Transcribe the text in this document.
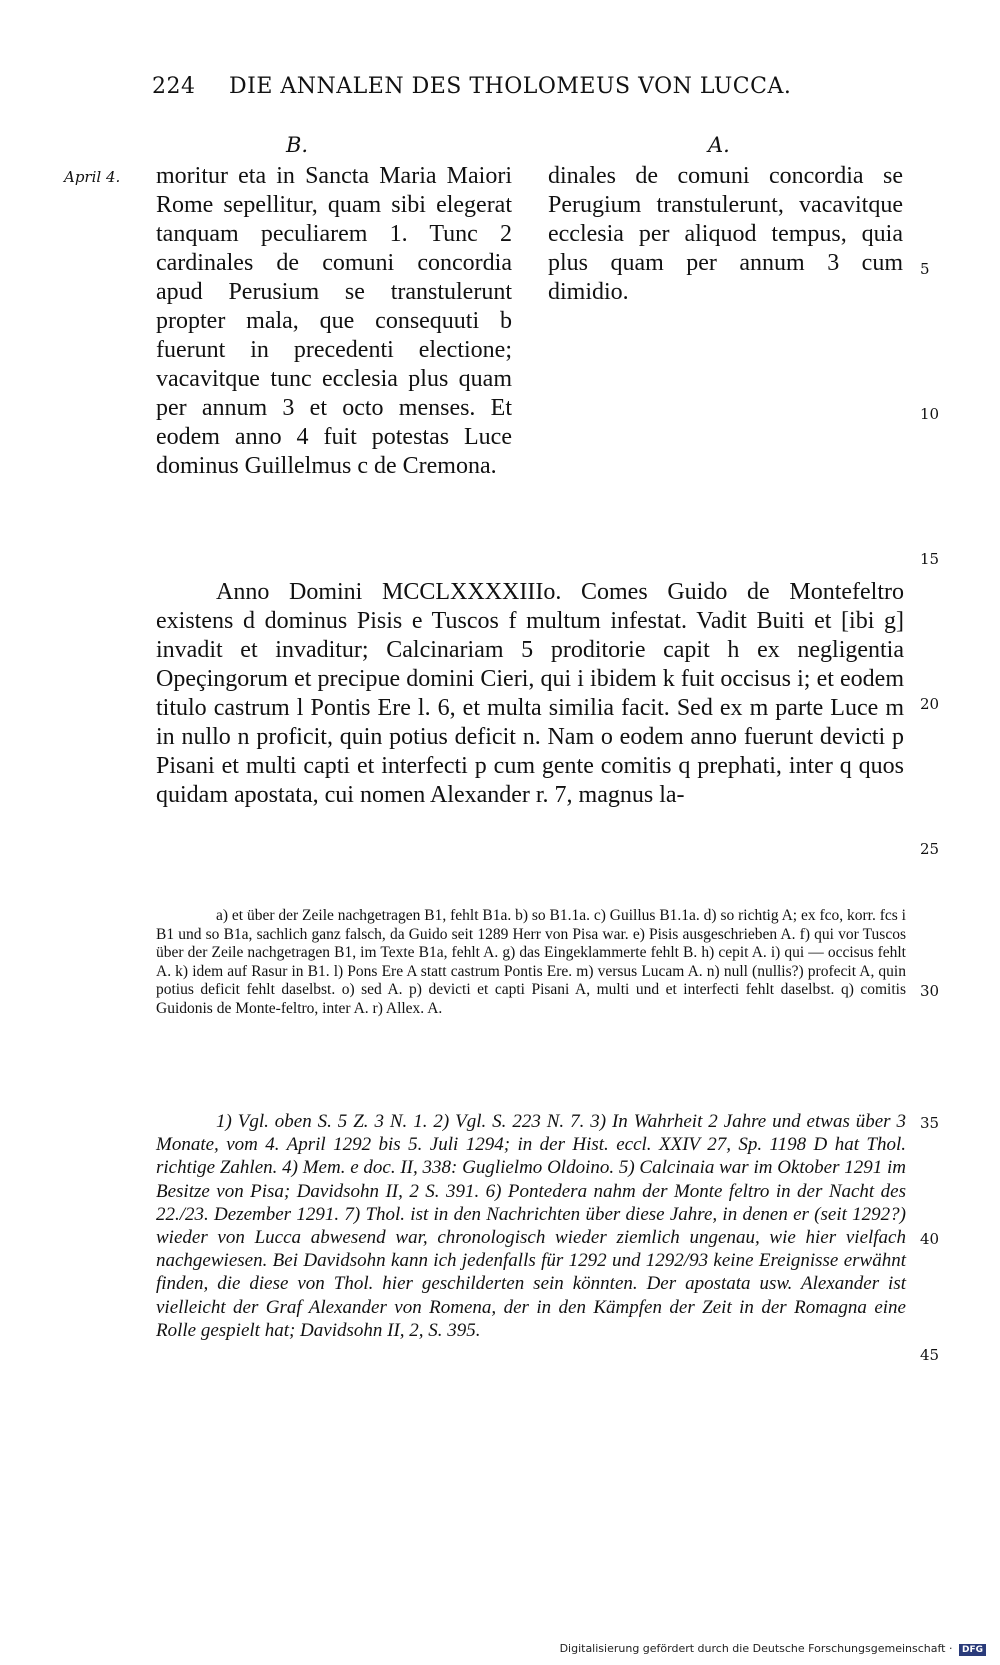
224 DIE ANNALEN DES THOLOMEUS VON LUCCA.
B.	A.
April 4. moritur eta in Sancta Maria Maiori Rome sepellitur, quam sibi elegerat tanquam peculiarem 1. Tunc 2 cardinales de comuni concordia apud Perusium se transtulerunt propter mala, que consequuti b fuerunt in precedenti electione; vacavitque tunc ecclesia plus quam per annum 3 et octo menses. Et eodem anno 4 fuit potestas Luce dominus Guillelmus c de Cremona.

dinales de comuni concordia se Perugium transtulerunt, vacavitque ecclesia per aliquod tempus, quia plus quam per annum 3 cum dimidio.

Anno Domini MCCLXXXXIIIo. Comes Guido de Montefeltro existens d dominus Pisis e Tuscos f multum infestat. Vadit Buiti et [ibi g] invadit et invaditur; Calcinariam 5 proditorie capit h ex negligentia Opeçingorum et precipue domini Cieri, qui i ibidem k fuit occisus i; et eodem titulo castrum l Pontis Ere l. 6, et multa similia facit. Sed ex m parte Luce m in nullo n proficit, quin potius deficit n. Nam o eodem anno fuerunt devicti p Pisani et multi capti et interfecti p cum gente comitis q prephati, inter q quos quidam apostata, cui nomen Alexander r. 7, magnus la-

5
10
15
20
25
30
35
40
45

a) et über der Zeile nachgetragen B1, fehlt B1a. b) so B1.1a. c) Guillus B1.1a. d) so richtig A; ex fco, korr. fcs i B1 und so B1a, sachlich ganz falsch, da Guido seit 1289 Herr von Pisa war. e) Pisis ausgeschrieben A. f) qui vor Tuscos über der Zeile nachgetragen B1, im Texte B1a, fehlt A. g) das Eingeklammerte fehlt B. h) cepit A. i) qui — occisus fehlt A. k) idem auf Rasur in B1. l) Pons Ere A statt castrum Pontis Ere. m) versus Lucam A. n) null (nullis?) profecit A, quin potius deficit fehlt daselbst. o) sed A. p) devicti et capti Pisani A, multi und et interfecti fehlt daselbst. q) comitis Guidonis de Monte-feltro, inter A. r) Allex. A.

1) Vgl. oben S. 5 Z. 3 N. 1. 2) Vgl. S. 223 N. 7. 3) In Wahrheit 2 Jahre und etwas über 3 Monate, vom 4. April 1292 bis 5. Juli 1294; in der Hist. eccl. XXIV 27, Sp. 1198 D hat Thol. richtige Zahlen. 4) Mem. e doc. II, 338: Guglielmo Oldoino. 5) Calcinaia war im Oktober 1291 im Besitze von Pisa; Davidsohn II, 2 S. 391. 6) Pontedera nahm der Monte feltro in der Nacht des 22./23. Dezember 1291. 7) Thol. ist in den Nachrichten über diese Jahre, in denen er (seit 1292?) wieder von Lucca abwesend war, chronologisch wieder ziemlich ungenau, wie hier vielfach nachgewiesen. Bei Davidsohn kann ich jedenfalls für 1292 und 1292/93 keine Ereignisse erwähnt finden, die diese von Thol. hier geschilderten sein könnten. Der apostata usw. Alexander ist vielleicht der Graf Alexander von Romena, der in den Kämpfen der Zeit in der Romagna eine Rolle gespielt hat; Davidsohn II, 2, S. 395.

Digitalisierung gefördert durch die Deutsche Forschungsgemeinschaft · DFG
